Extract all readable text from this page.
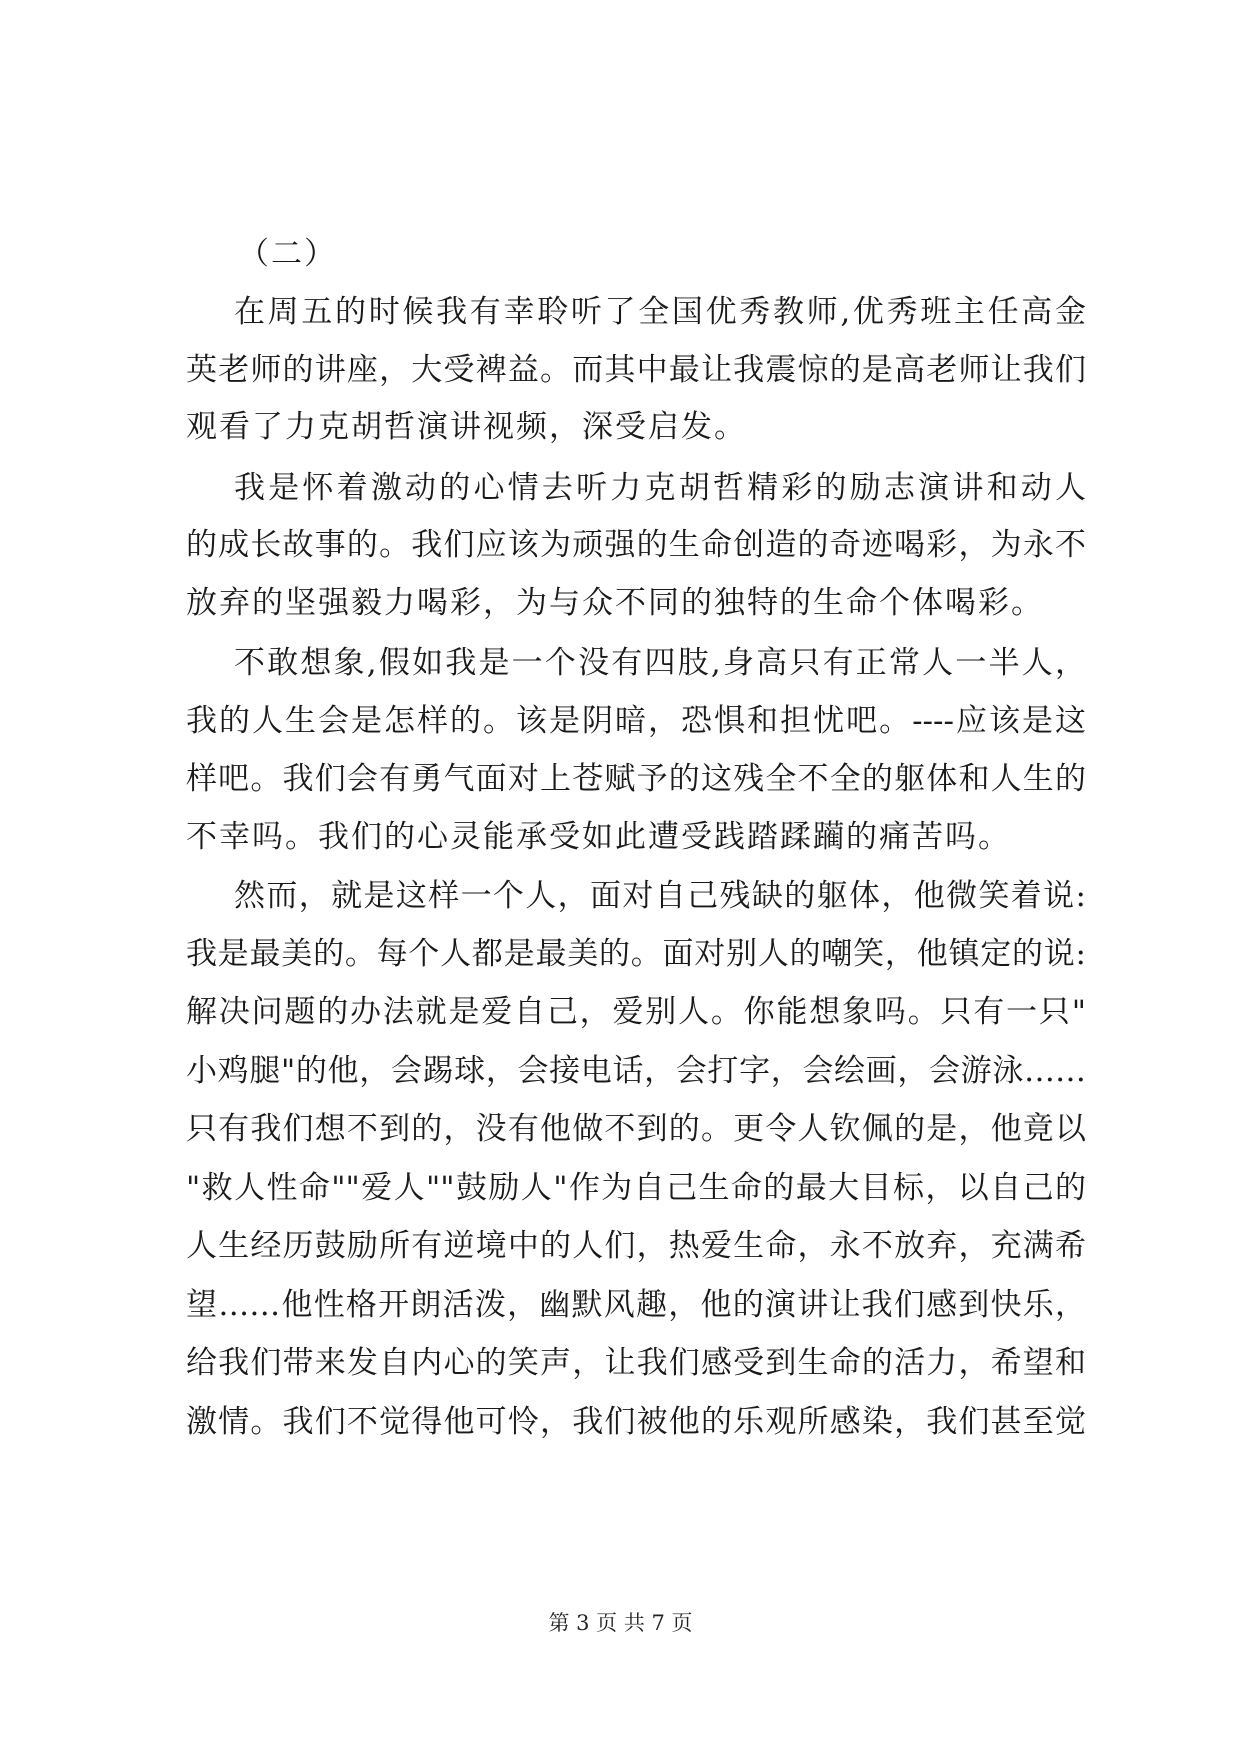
（二）
在周五的时候我有幸聆听了全国优秀教师,优秀班主任高金
英老师的讲座，大受裨益。而其中最让我震惊的是高老师让我们
观看了力克胡哲演讲视频，深受启发。
我是怀着激动的心情去听力克胡哲精彩的励志演讲和动人
的成长故事的。我们应该为顽强的生命创造的奇迹喝彩，为永不
放弃的坚强毅力喝彩，为与众不同的独特的生命个体喝彩。
不敢想象,假如我是一个没有四肢,身高只有正常人一半人，
我的人生会是怎样的。该是阴暗，恐惧和担忧吧。----应该是这
样吧。我们会有勇气面对上苍赋予的这残全不全的躯体和人生的
不幸吗。我们的心灵能承受如此遭受践踏蹂躏的痛苦吗。
然而，就是这样一个人，面对自己残缺的躯体，他微笑着说:
我是最美的。每个人都是最美的。面对别人的嘲笑，他镇定的说:
解决问题的办法就是爱自己，爱别人。你能想象吗。只有一只"
小鸡腿"的他，会踢球，会接电话，会打字，会绘画，会游泳……
只有我们想不到的，没有他做不到的。更令人钦佩的是，他竟以
"救人性命""爱人""鼓励人"作为自己生命的最大目标，以自己的
人生经历鼓励所有逆境中的人们，热爱生命，永不放弃，充满希
望……他性格开朗活泼，幽默风趣，他的演讲让我们感到快乐，
给我们带来发自内心的笑声，让我们感受到生命的活力，希望和
激情。我们不觉得他可怜，我们被他的乐观所感染，我们甚至觉
第 3 页 共 7 页
